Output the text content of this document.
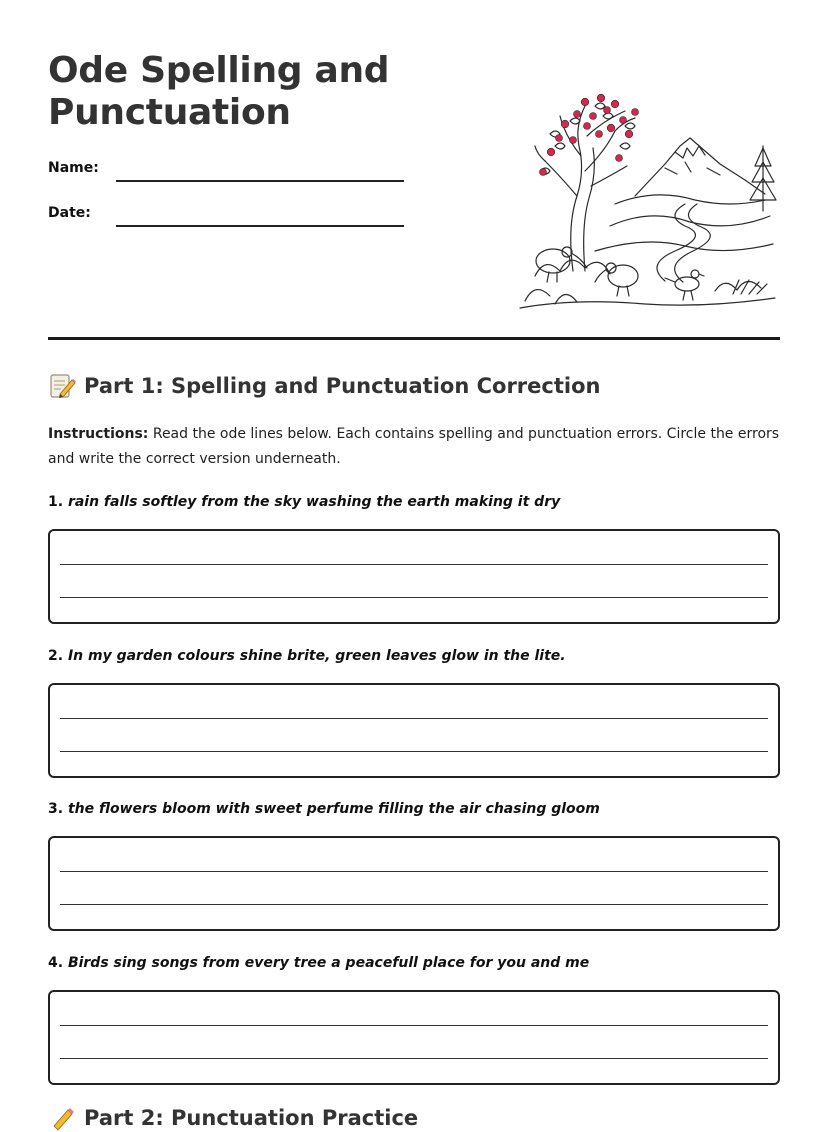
Ode Spelling and
Punctuation
Name:
Date:
Part 1: Spelling and Punctuation Correction

Instructions: Read the ode lines below. Each contains spelling and punctuation errors. Circle the errors and write the correct version underneath.

1. rain falls softley from the sky washing the earth making it dry

2. In my garden colours shine brite, green leaves glow in the lite.

3. the flowers bloom with sweet perfume filling the air chasing gloom

4. Birds sing songs from every tree a peacefull place for you and me

Part 2: Punctuation Practice
